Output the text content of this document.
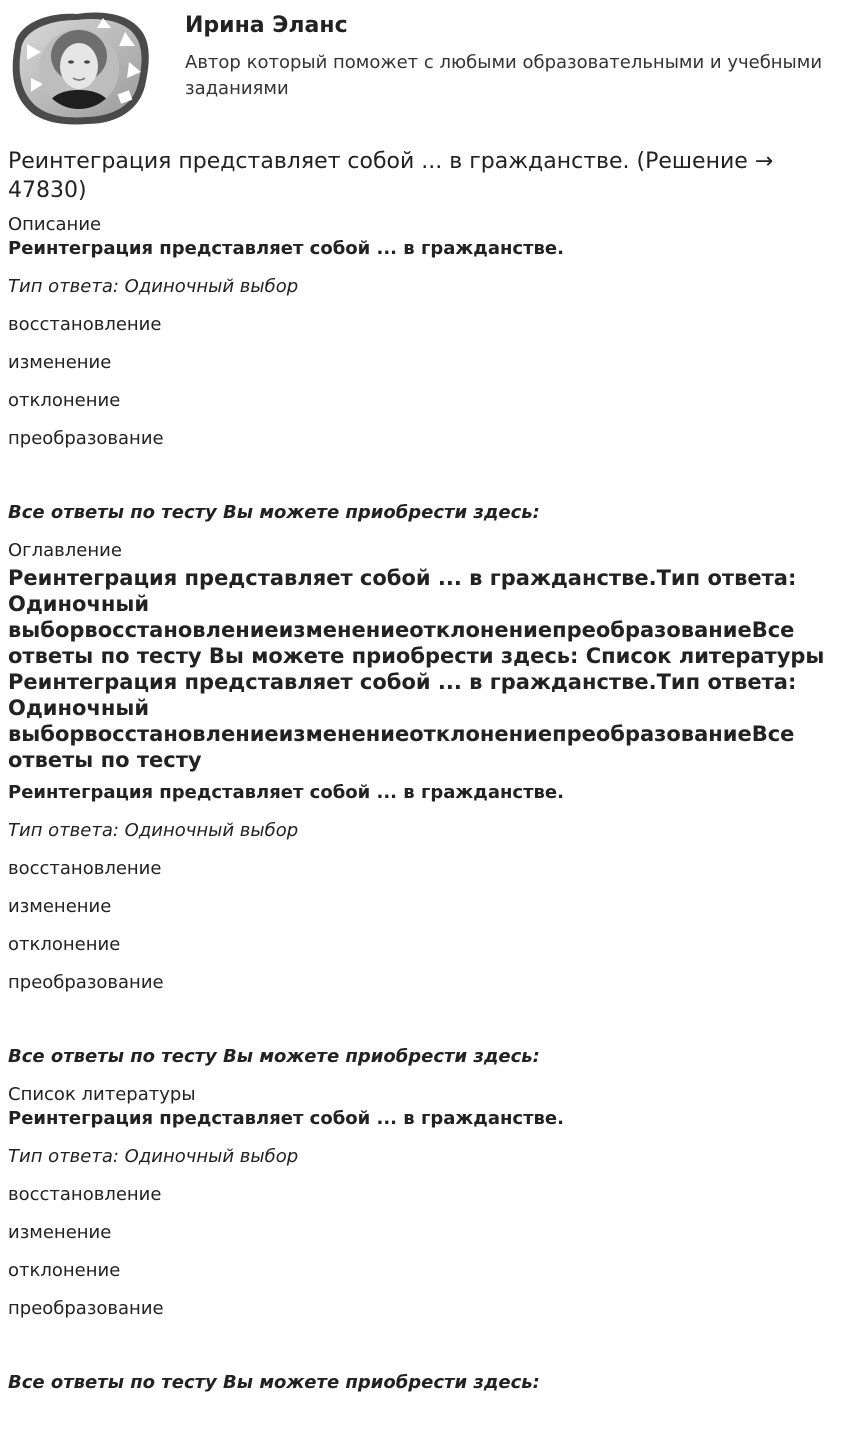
Ирина Эланс

Автор который поможет с любыми образовательными и учебными заданиями

Реинтеграция представляет собой ... в гражданстве. (Решение → 47830)

Описание

Реинтеграция представляет собой ... в гражданстве.

Тип ответа: Одиночный выбор

восстановление
изменение
отклонение
преобразование

Все ответы по тесту Вы можете приобрести здесь:

Оглавление

Реинтеграция представляет собой ... в гражданстве.Тип ответа: Одиночный выборвосстановлениеизменениеотклонениепреобразованиеВсе ответы по тесту Вы можете приобрести здесь: Список литературы Реинтеграция представляет собой ... в гражданстве.Тип ответа: Одиночный выборвосстановлениеизменениеотклонениепреобразованиеВсе ответы по тесту

Реинтеграция представляет собой ... в гражданстве.

Тип ответа: Одиночный выбор

восстановление
изменение
отклонение
преобразование

Все ответы по тесту Вы можете приобрести здесь:

Список литературы

Реинтеграция представляет собой ... в гражданстве.

Тип ответа: Одиночный выбор

восстановление
изменение
отклонение
преобразование

Все ответы по тесту Вы можете приобрести здесь:
